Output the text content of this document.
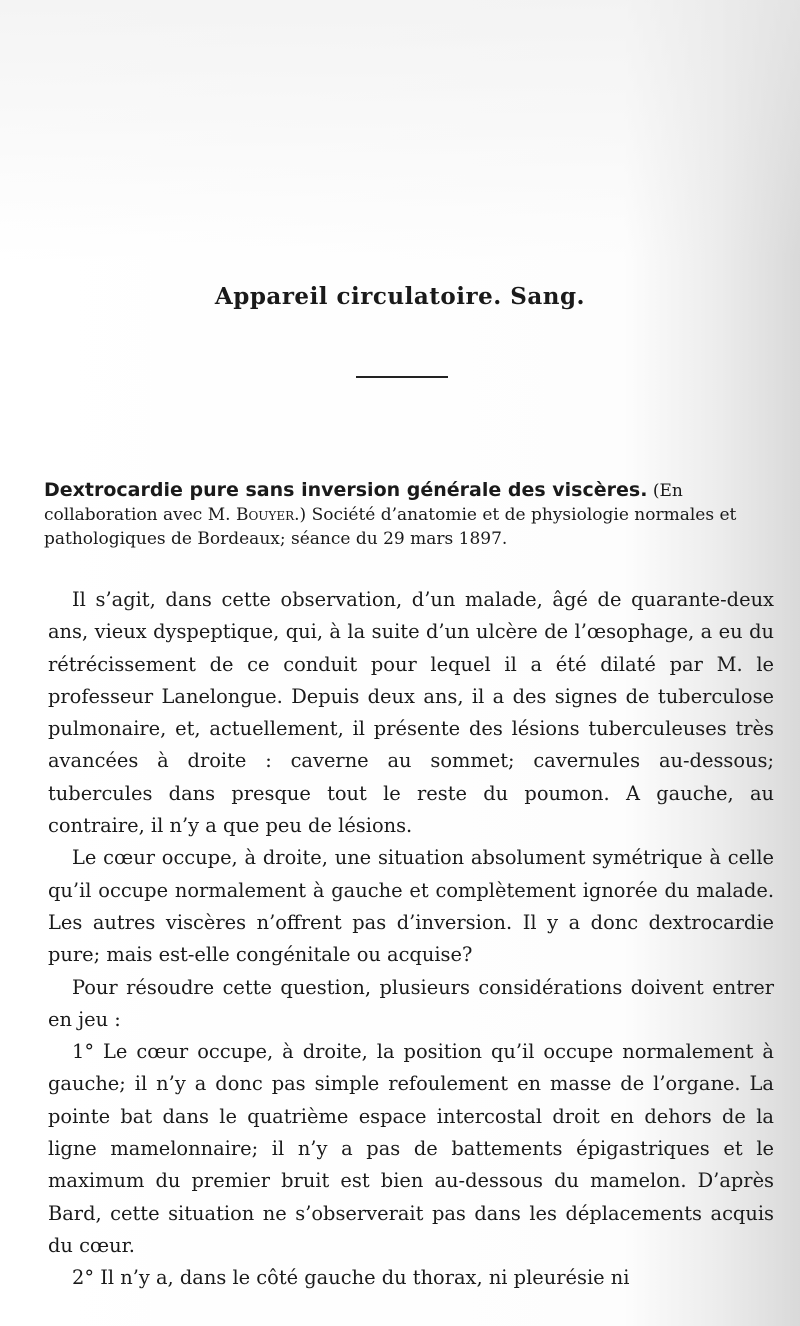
Appareil circulatoire. Sang.
Dextrocardie pure sans inversion générale des viscères. (En collaboration avec M. Bouyer.) Société d’anatomie et de physiologie normales et pathologiques de Bordeaux; séance du 29 mars 1897.

Il s’agit, dans cette observation, d’un malade, âgé de quarante-deux ans, vieux dyspeptique, qui, à la suite d’un ulcère de l’œsophage, a eu du rétrécissement de ce conduit pour lequel il a été dilaté par M. le professeur Lanelongue. Depuis deux ans, il a des signes de tuberculose pulmonaire, et, actuellement, il présente des lésions tuberculeuses très avancées à droite : caverne au sommet; cavernules au-dessous; tubercules dans presque tout le reste du poumon. A gauche, au contraire, il n’y a que peu de lésions.

Le cœur occupe, à droite, une situation absolument symétrique à celle qu’il occupe normalement à gauche et complètement ignorée du malade. Les autres viscères n’offrent pas d’inversion. Il y a donc dextrocardie pure; mais est-elle congénitale ou acquise?

Pour résoudre cette question, plusieurs considérations doivent entrer en jeu :

1° Le cœur occupe, à droite, la position qu’il occupe normalement à gauche; il n’y a donc pas simple refoulement en masse de l’organe. La pointe bat dans le quatrième espace intercostal droit en dehors de la ligne mamelonnaire; il n’y a pas de battements épigastriques et le maximum du premier bruit est bien au-dessous du mamelon. D’après Bard, cette situation ne s’observerait pas dans les déplacements acquis du cœur.

2° Il n’y a, dans le côté gauche du thorax, ni pleurésie ni
